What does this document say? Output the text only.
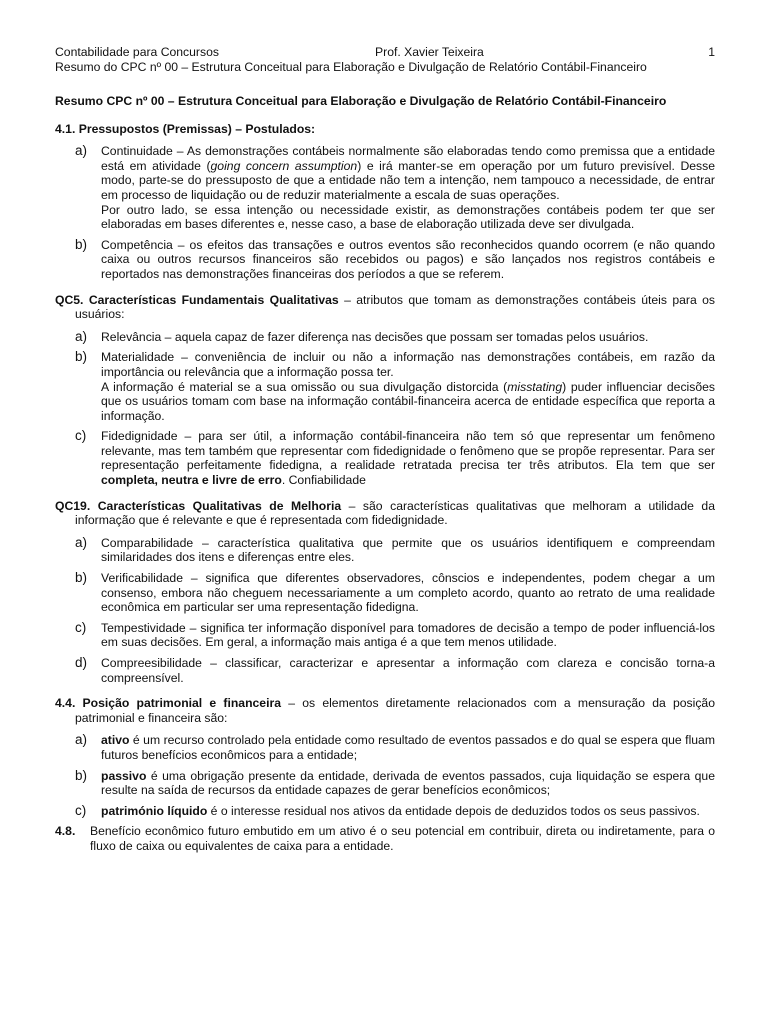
Contabilidade para Concursos	Prof. Xavier Teixeira	1
Resumo do CPC nº 00 – Estrutura Conceitual para Elaboração e Divulgação de Relatório Contábil-Financeiro
Resumo CPC nº 00 – Estrutura Conceitual para Elaboração e Divulgação de Relatório Contábil-Financeiro
4.1. Pressupostos (Premissas) – Postulados:
a) Continuidade – As demonstrações contábeis normalmente são elaboradas tendo como premissa que a entidade está em atividade (going concern assumption) e irá manter-se em operação por um futuro previsível. Desse modo, parte-se do pressuposto de que a entidade não tem a intenção, nem tampouco a necessidade, de entrar em processo de liquidação ou de reduzir materialmente a escala de suas operações.
Por outro lado, se essa intenção ou necessidade existir, as demonstrações contábeis podem ter que ser elaboradas em bases diferentes e, nesse caso, a base de elaboração utilizada deve ser divulgada.
b) Competência – os efeitos das transações e outros eventos são reconhecidos quando ocorrem (e não quando caixa ou outros recursos financeiros são recebidos ou pagos) e são lançados nos registros contábeis e reportados nas demonstrações financeiras dos períodos a que se referem.
QC5. Características Fundamentais Qualitativas – atributos que tomam as demonstrações contábeis úteis para os usuários:
a) Relevância – aquela capaz de fazer diferença nas decisões que possam ser tomadas pelos usuários.
b) Materialidade – conveniência de incluir ou não a informação nas demonstrações contábeis, em razão da importância ou relevância que a informação possa ter.
A informação é material se a sua omissão ou sua divulgação distorcida (misstating) puder influenciar decisões que os usuários tomam com base na informação contábil-financeira acerca de entidade específica que reporta a informação.
c) Fidedignidade – para ser útil, a informação contábil-financeira não tem só que representar um fenômeno relevante, mas tem também que representar com fidedignidade o fenômeno que se propõe representar. Para ser representação perfeitamente fidedigna, a realidade retratada precisa ter três atributos. Ela tem que ser completa, neutra e livre de erro. Confiabilidade
QC19. Características Qualitativas de Melhoria – são características qualitativas que melhoram a utilidade da informação que é relevante e que é representada com fidedignidade.
a) Comparabilidade – característica qualitativa que permite que os usuários identifiquem e compreendam similaridades dos itens e diferenças entre eles.
b) Verificabilidade – significa que diferentes observadores, cônscios e independentes, podem chegar a um consenso, embora não cheguem necessariamente a um completo acordo, quanto ao retrato de uma realidade econômica em particular ser uma representação fidedigna.
c) Tempestividade – significa ter informação disponível para tomadores de decisão a tempo de poder influenciá-los em suas decisões. Em geral, a informação mais antiga é a que tem menos utilidade.
d) Compreesibilidade – classificar, caracterizar e apresentar a informação com clareza e concisão torna-a compreensível.
4.4. Posição patrimonial e financeira – os elementos diretamente relacionados com a mensuração da posição patrimonial e financeira são:
a) ativo é um recurso controlado pela entidade como resultado de eventos passados e do qual se espera que fluam futuros benefícios econômicos para a entidade;
b) passivo é uma obrigação presente da entidade, derivada de eventos passados, cuja liquidação se espera que resulte na saída de recursos da entidade capazes de gerar benefícios econômicos;
c) património líquido é o interesse residual nos ativos da entidade depois de deduzidos todos os seus passivos.
4.8. Benefício econômico futuro embutido em um ativo é o seu potencial em contribuir, direta ou indiretamente, para o fluxo de caixa ou equivalentes de caixa para a entidade.
